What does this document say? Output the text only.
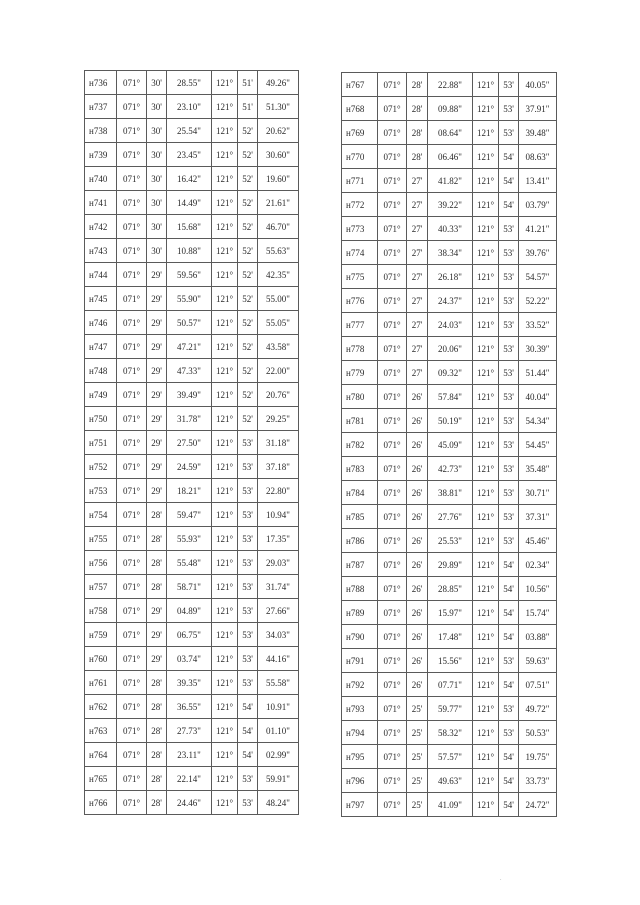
н736	071°	30'	28.55"	121°	51'	49.26"
н737	071°	30'	23.10"	121°	51'	51.30"
н738	071°	30'	25.54"	121°	52'	20.62"
н739	071°	30'	23.45"	121°	52'	30.60"
н740	071°	30'	16.42"	121°	52'	19.60"
н741	071°	30'	14.49"	121°	52'	21.61"
н742	071°	30'	15.68"	121°	52'	46.70"
н743	071°	30'	10.88"	121°	52'	55.63"
н744	071°	29'	59.56"	121°	52'	42.35"
н745	071°	29'	55.90"	121°	52'	55.00"
н746	071°	29'	50.57"	121°	52'	55.05"
н747	071°	29'	47.21"	121°	52'	43.58"
н748	071°	29'	47.33"	121°	52'	22.00"
н749	071°	29'	39.49"	121°	52'	20.76"
н750	071°	29'	31.78"	121°	52'	29.25"
н751	071°	29'	27.50"	121°	53'	31.18"
н752	071°	29'	24.59"	121°	53'	37.18"
н753	071°	29'	18.21"	121°	53'	22.80"
н754	071°	28'	59.47"	121°	53'	10.94"
н755	071°	28'	55.93"	121°	53'	17.35"
н756	071°	28'	55.48"	121°	53'	29.03"
н757	071°	28'	58.71"	121°	53'	31.74"
н758	071°	29'	04.89"	121°	53'	27.66"
н759	071°	29'	06.75"	121°	53'	34.03"
н760	071°	29'	03.74"	121°	53'	44.16"
н761	071°	28'	39.35"	121°	53'	55.58"
н762	071°	28'	36.55"	121°	54'	10.91"
н763	071°	28'	27.73"	121°	54'	01.10"
н764	071°	28'	23.11"	121°	54'	02.99"
н765	071°	28'	22.14"	121°	53'	59.91"
н766	071°	28'	24.46"	121°	53'	48.24"
н767	071°	28'	22.88"	121°	53'	40.05"
н768	071°	28'	09.88"	121°	53'	37.91"
н769	071°	28'	08.64"	121°	53'	39.48"
н770	071°	28'	06.46"	121°	54'	08.63"
н771	071°	27'	41.82"	121°	54'	13.41"
н772	071°	27'	39.22"	121°	54'	03.79"
н773	071°	27'	40.33"	121°	53'	41.21"
н774	071°	27'	38.34"	121°	53'	39.76"
н775	071°	27'	26.18"	121°	53'	54.57"
н776	071°	27'	24.37"	121°	53'	52.22"
н777	071°	27'	24.03"	121°	53'	33.52"
н778	071°	27'	20.06"	121°	53'	30.39"
н779	071°	27'	09.32"	121°	53'	51.44"
н780	071°	26'	57.84"	121°	53'	40.04"
н781	071°	26'	50.19"	121°	53'	54.34"
н782	071°	26'	45.09"	121°	53'	54.45"
н783	071°	26'	42.73"	121°	53'	35.48"
н784	071°	26'	38.81"	121°	53'	30.71"
н785	071°	26'	27.76"	121°	53'	37.31"
н786	071°	26'	25.53"	121°	53'	45.46"
н787	071°	26'	29.89"	121°	54'	02.34"
н788	071°	26'	28.85"	121°	54'	10.56"
н789	071°	26'	15.97"	121°	54'	15.74"
н790	071°	26'	17.48"	121°	54'	03.88"
н791	071°	26'	15.56"	121°	53'	59.63"
н792	071°	26'	07.71"	121°	54'	07.51"
н793	071°	25'	59.77"	121°	53'	49.72"
н794	071°	25'	58.32"	121°	53'	50.53"
н795	071°	25'	57.57"	121°	54'	19.75"
н796	071°	25'	49.63"	121°	54'	33.73"
н797	071°	25'	41.09"	121°	54'	24.72"
.
